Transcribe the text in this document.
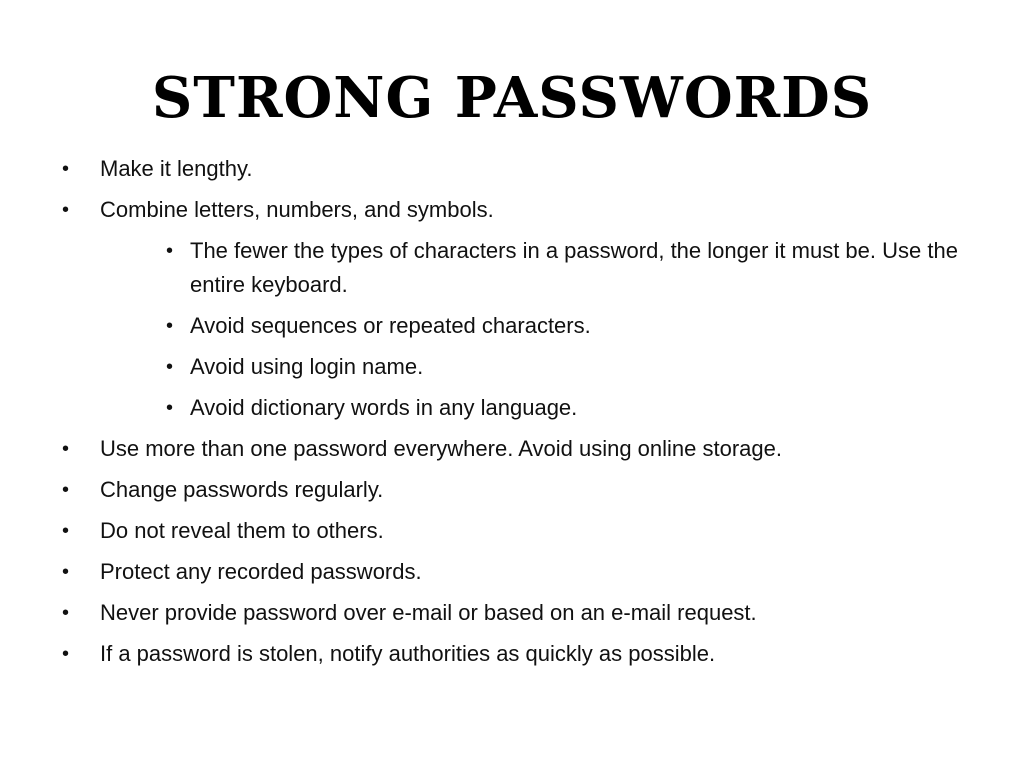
STRONG PASSWORDS
• Make it lengthy.
• Combine letters, numbers, and symbols.
• The fewer the types of characters in a password, the longer it must be. Use the entire keyboard.
• Avoid sequences or repeated characters.
• Avoid using login name.
• Avoid dictionary words in any language.
• Use more than one password everywhere. Avoid using online storage.
• Change passwords regularly.
• Do not reveal them to others.
• Protect any recorded passwords.
• Never provide password over e-mail or based on an e-mail request.
• If a password is stolen, notify authorities as quickly as possible.
